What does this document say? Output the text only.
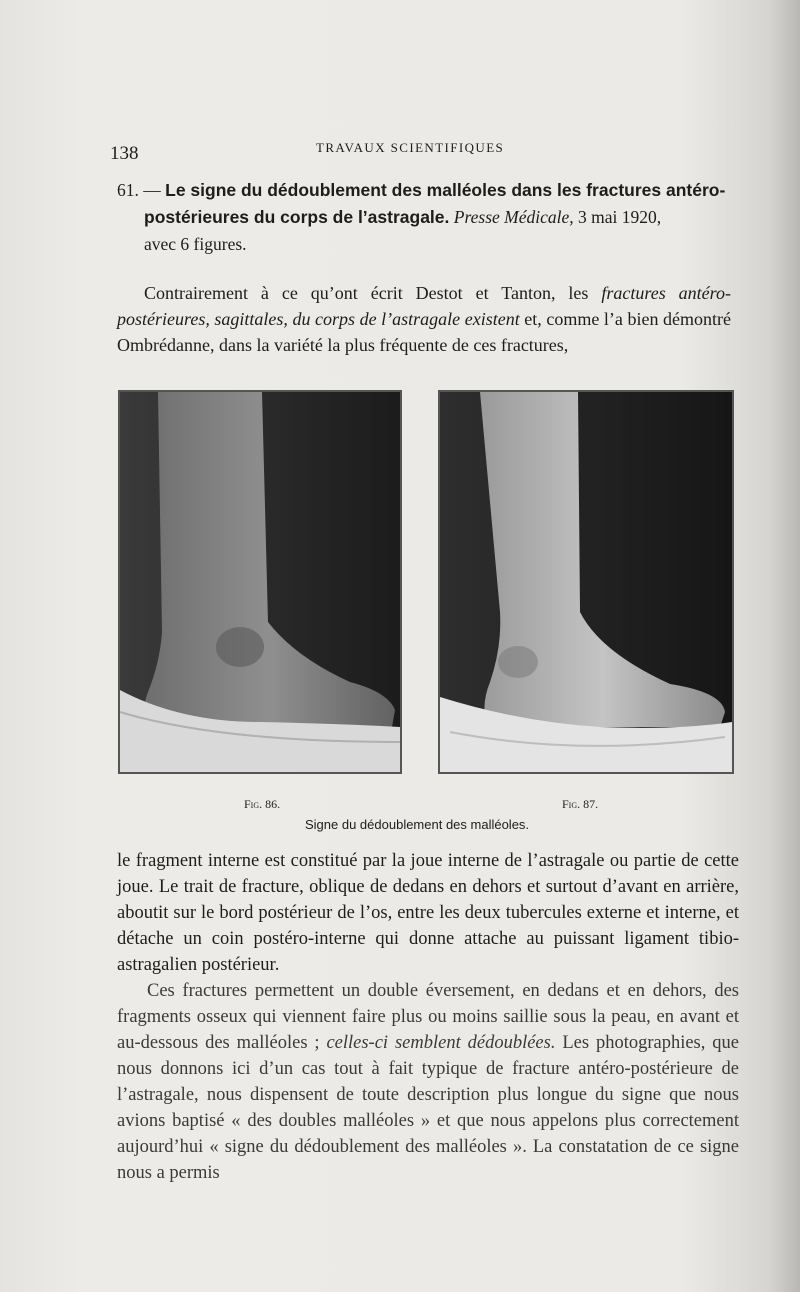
138	TRAVAUX SCIENTIFIQUES
61. — Le signe du dédoublement des malléoles dans les fractures antéro-
postérieures du corps de l’astragale. Presse Médicale, 3 mai 1920,
avec 6 figures.

Contrairement à ce qu’ont écrit Destot et Tanton, les fractures antéro-postérieures, sagittales, du corps de l’astragale existent et, comme l’a bien démontré Ombrédanne, dans la variété la plus fréquente de ces fractures,

Fig. 86.	Fig. 87.
Signe du dédoublement des malléoles.

le fragment interne est constitué par la joue interne de l’astragale ou partie de cette joue. Le trait de fracture, oblique de dedans en dehors et surtout d’avant en arrière, aboutit sur le bord postérieur de l’os, entre les deux tubercules externe et interne, et détache un coin postéro-interne qui donne attache au puissant ligament tibio-astragalien postérieur.

Ces fractures permettent un double éversement, en dedans et en dehors, des fragments osseux qui viennent faire plus ou moins saillie sous la peau, en avant et au-dessous des malléoles ; celles-ci semblent dédoublées. Les photographies, que nous donnons ici d’un cas tout à fait typique de fracture antéro-postérieure de l’astragale, nous dispensent de toute description plus longue du signe que nous avions baptisé « des doubles malléoles » et que nous appelons plus correctement aujourd’hui « signe du dédoublement des malléoles ». La constatation de ce signe nous a permis
